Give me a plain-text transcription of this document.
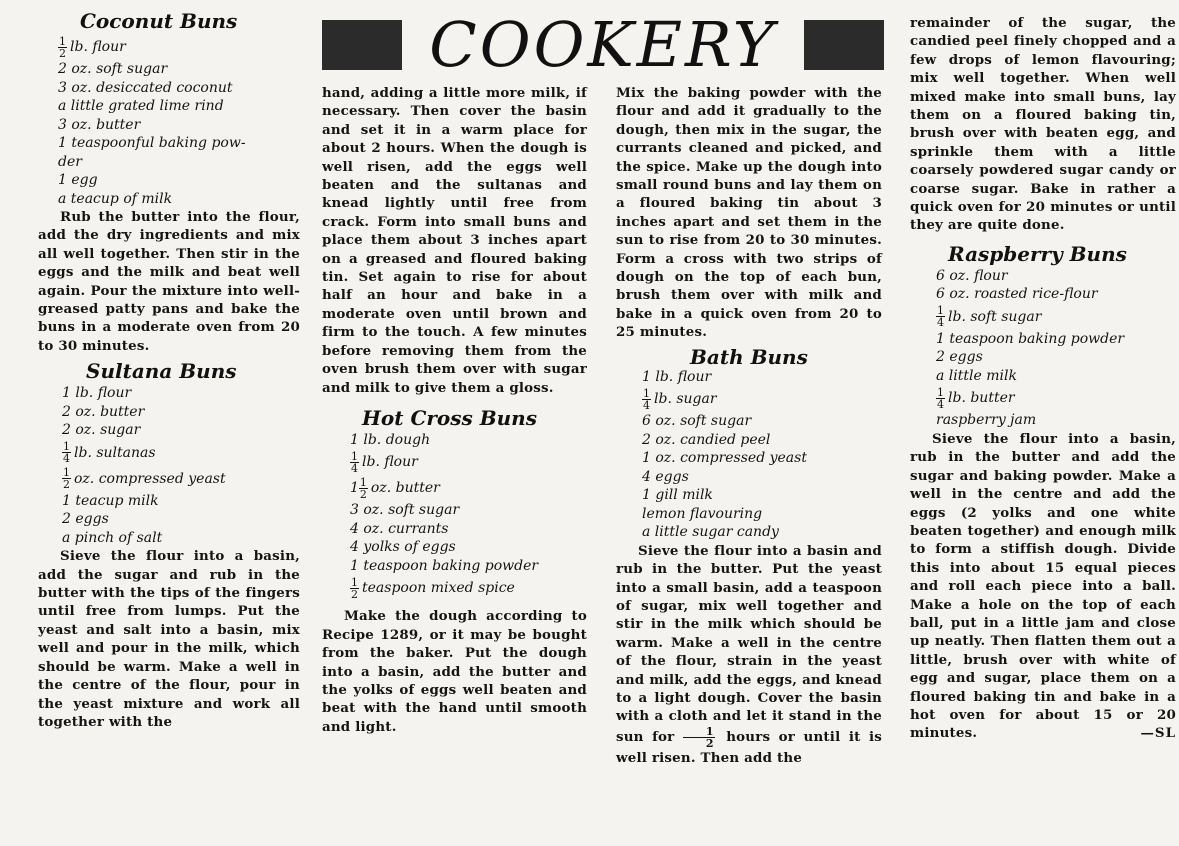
COOKERY
Coconut Buns
$\frac{1}{2}$ lb. flour
2 oz. soft sugar
3 oz. desiccated coconut
a little grated lime rind
3 oz. butter
1 teaspoonful baking pow-
der
1 egg
a teacup of milk

Rub the butter into the flour, add the dry ingredients and mix all well together. Then stir in the eggs and the milk and beat well again. Pour the mixture into well-greased patty pans and bake the buns in a moderate oven from 20 to 30 minutes.

Sultana Buns
1 lb. flour
2 oz. butter
2 oz. sugar
$\frac{1}{4}$ lb. sultanas
$\frac{1}{2}$ oz. compressed yeast
1 teacup milk
2 eggs
a pinch of salt

Sieve the flour into a basin, add the sugar and rub in the butter with the tips of the fingers until free from lumps. Put the yeast and salt into a basin, mix well and pour in the milk, which should be warm. Make a well in the centre of the flour, pour in the yeast mixture and work all together with the

hand, adding a little more milk, if necessary. Then cover the basin and set it in a warm place for about 2 hours. When the dough is well risen, add the eggs well beaten and the sultanas and knead lightly until free from crack. Form into small buns and place them about 3 inches apart on a greased and floured baking tin. Set again to rise for about half an hour and bake in a moderate oven until brown and firm to the touch. A few minutes before removing them from the oven brush them over with sugar and milk to give them a gloss.

Hot Cross Buns
1 lb. dough
$\frac{1}{4}$ lb. flour
$1 \frac{1}{2}$ oz. butter
3 oz. soft sugar
4 oz. currants
4 yolks of eggs
1 teaspoon baking powder
$\frac{1}{2}$ teaspoon mixed spice

Make the dough according to Recipe 1289, or it may be bought from the baker. Put the dough into a basin, add the butter and the yolks of eggs well beaten and beat with the hand until smooth and light.

Mix the baking powder with the flour and add it gradually to the dough, then mix in the sugar, the currants cleaned and picked, and the spice. Make up the dough into small round buns and lay them on a floured baking tin about 3 inches apart and set them in the sun to rise from 20 to 30 minutes. Form a cross with two strips of dough on the top of each bun, brush them over with milk and bake in a quick oven from 20 to 25 minutes.

Bath Buns
1 lb. flour
$\frac{1}{4}$ lb. sugar
6 oz. soft sugar
2 oz. candied peel
1 oz. compressed yeast
4 eggs
1 gill milk
lemon flavouring
a little sugar candy

Sieve the flour into a basin and rub in the butter. Put the yeast into a small basin, add a teaspoon of sugar, mix well together and stir in the milk which should be warm. Make a well in the centre of the flour, strain in the yeast and milk, add the eggs, and knead to a light dough. Cover the basin with a cloth and let it stand in the sun for $\frac{1}{2}$ hours or until it is well risen. Then add the

remainder of the sugar, the candied peel finely chopped and a few drops of lemon flavouring; mix well together. When well mixed make into small buns, lay them on a floured baking tin, brush over with beaten egg, and sprinkle them with a little coarsely powdered sugar candy or coarse sugar. Bake in rather a quick oven for 20 minutes or until they are quite done.

Raspberry Buns
6 oz. flour
6 oz. roasted rice-flour
$\frac{1}{4}$ lb. soft sugar
1 teaspoon baking powder
2 eggs
a little milk
$\frac{1}{4}$ lb. butter
raspberry jam

Sieve the flour into a basin, rub in the butter and add the sugar and baking powder. Make a well in the centre and add the eggs (2 yolks and one white beaten together) and enough milk to form a stiffish dough. Divide this into about 15 equal pieces and roll each piece into a ball. Make a hole on the top of each ball, put in a little jam and close up neatly. Then flatten them out a little, brush over with white of egg and sugar, place them on a floured baking tin and bake in a hot oven for about 15 or 20 minutes.	—SL
